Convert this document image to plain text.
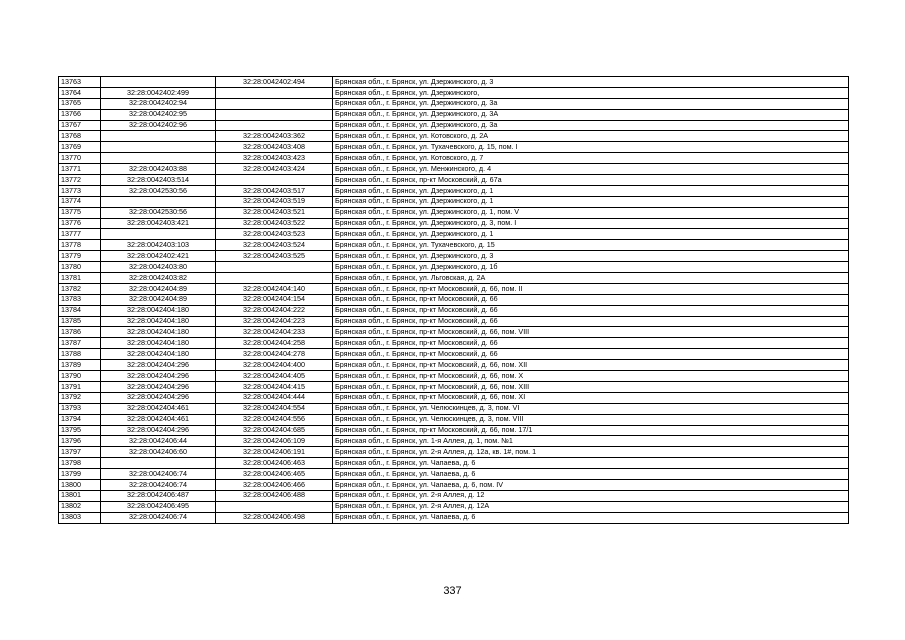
13763		32:28:0042402:494	Брянская обл., г. Брянск, ул. Дзержинского, д. 3
13764	32:28:0042402:499		Брянская обл., г. Брянск, ул. Дзержинского,
13765	32:28:0042402:94		Брянская обл., г. Брянск, ул. Дзержинского, д. 3а
13766	32:28:0042402:95		Брянская обл., г. Брянск, ул. Дзержинского, д. 3А
13767	32:28:0042402:96		Брянская обл., г. Брянск, ул. Дзержинского, д. 3а
13768		32:28:0042403:362	Брянская обл., г. Брянск, ул. Котовского, д. 2А
13769		32:28:0042403:408	Брянская обл., г. Брянск, ул. Тухачевского, д. 15, пом. I
13770		32:28:0042403:423	Брянская обл., г. Брянск, ул. Котовского, д. 7
13771	32:28:0042403:88	32:28:0042403:424	Брянская обл., г. Брянск, ул. Менжинского, д. 4
13772	32:28:0042403:514		Брянская обл., г. Брянск, пр-кт Московский, д. 67а
13773	32:28:0042530:56	32:28:0042403:517	Брянская обл., г. Брянск, ул. Дзержинского, д. 1
13774		32:28:0042403:519	Брянская обл., г. Брянск, ул. Дзержинского, д. 1
13775	32:28:0042530:56	32:28:0042403:521	Брянская обл., г. Брянск, ул. Дзержинского, д. 1, пом. V
13776	32:28:0042403:421	32:28:0042403:522	Брянская обл., г. Брянск, ул. Дзержинского, д. 3, пом. I
13777		32:28:0042403:523	Брянская обл., г. Брянск, ул. Дзержинского, д. 1
13778	32:28:0042403:103	32:28:0042403:524	Брянская обл., г. Брянск, ул. Тухачевского, д. 15
13779	32:28:0042402:421	32:28:0042403:525	Брянская обл., г. Брянск, ул. Дзержинского, д. 3
13780	32:28:0042403:80		Брянская обл., г. Брянск, ул. Дзержинского, д. 1б
13781	32:28:0042403:82		Брянская обл., г. Брянск, ул. Льговская, д. 2А
13782	32:28:0042404:89	32:28:0042404:140	Брянская обл., г. Брянск, пр-кт Московский, д. 66, пом. II
13783	32:28:0042404:89	32:28:0042404:154	Брянская обл., г. Брянск, пр-кт Московский, д. 66
13784	32:28:0042404:180	32:28:0042404:222	Брянская обл., г. Брянск, пр-кт Московский, д. 66
13785	32:28:0042404:180	32:28:0042404:223	Брянская обл., г. Брянск, пр-кт Московский, д. 66
13786	32:28:0042404:180	32:28:0042404:233	Брянская обл., г. Брянск, пр-кт Московский, д. 66, пом. VIII
13787	32:28:0042404:180	32:28:0042404:258	Брянская обл., г. Брянск, пр-кт Московский, д. 66
13788	32:28:0042404:180	32:28:0042404:278	Брянская обл., г. Брянск, пр-кт Московский, д. 66
13789	32:28:0042404:296	32:28:0042404:400	Брянская обл., г. Брянск, пр-кт Московский, д. 66, пом. XII
13790	32:28:0042404:296	32:28:0042404:405	Брянская обл., г. Брянск, пр-кт Московский, д. 66, пом. X
13791	32:28:0042404:296	32:28:0042404:415	Брянская обл., г. Брянск, пр-кт Московский, д. 66, пом. XIII
13792	32:28:0042404:296	32:28:0042404:444	Брянская обл., г. Брянск, пр-кт Московский, д. 66, пом. XI
13793	32:28:0042404:461	32:28:0042404:554	Брянская обл., г. Брянск, ул. Челюскинцев, д. 3, пом. VI
13794	32:28:0042404:461	32:28:0042404:556	Брянская обл., г. Брянск, ул. Челюскинцев, д. 3, пом. VIII
13795	32:28:0042404:296	32:28:0042404:685	Брянская обл., г. Брянск, пр-кт Московский, д. 66, пом. 17/1
13796	32:28:0042406:44	32:28:0042406:109	Брянская обл., г. Брянск, ул. 1-я Аллея, д. 1, пом. №1
13797	32:28:0042406:60	32:28:0042406:191	Брянская обл., г. Брянск, ул. 2-я Аллея, д. 12а, кв. 1#, пом. 1
13798		32:28:0042406:463	Брянская обл., г. Брянск, ул. Чапаева, д. 6
13799	32:28:0042406:74	32:28:0042406:465	Брянская обл., г. Брянск, ул. Чапаева, д. 6
13800	32:28:0042406:74	32:28:0042406:466	Брянская обл., г. Брянск, ул. Чапаева, д. 6, пом. IV
13801	32:28:0042406:487	32:28:0042406:488	Брянская обл., г. Брянск, ул. 2-я Аллея, д. 12
13802	32:28:0042406:495		Брянская обл., г. Брянск, ул. 2-я Аллея, д. 12А
13803	32:28:0042406:74	32:28:0042406:498	Брянская обл., г. Брянск, ул. Чапаева, д. 6
337
